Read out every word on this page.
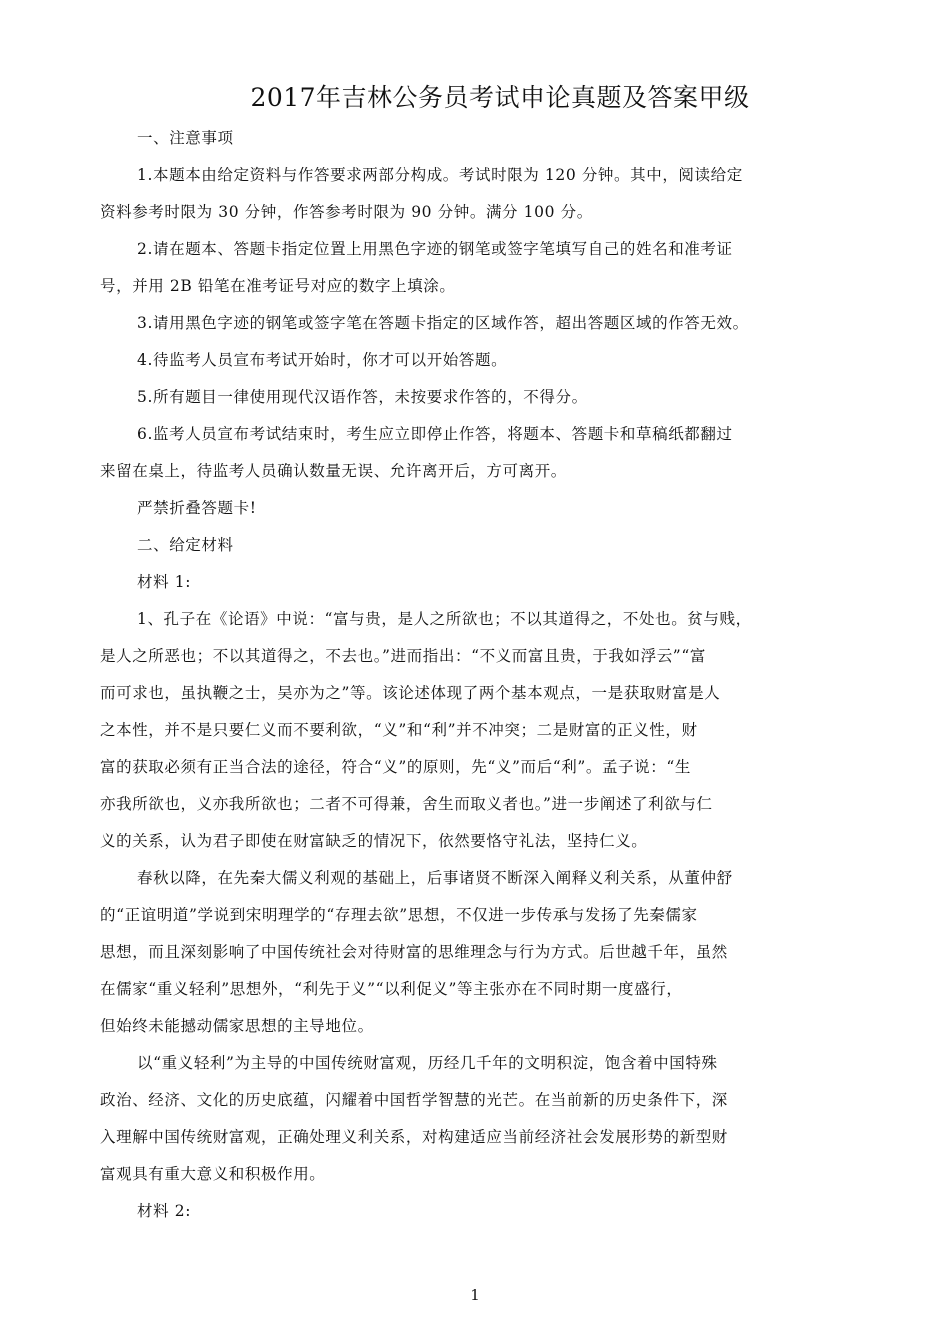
2017年吉林公务员考试申论真题及答案甲级
一、注意事项
1.本题本由给定资料与作答要求两部分构成。考试时限为 120 分钟。其中，阅读给定
资料参考时限为 30 分钟，作答参考时限为 90 分钟。满分 100 分。
2.请在题本、答题卡指定位置上用黑色字迹的钢笔或签字笔填写自己的姓名和准考证
号，并用 2B 铅笔在准考证号对应的数字上填涂。
3.请用黑色字迹的钢笔或签字笔在答题卡指定的区域作答，超出答题区域的作答无效。
4.待监考人员宣布考试开始时，你才可以开始答题。
5.所有题目一律使用现代汉语作答，未按要求作答的，不得分。
6.监考人员宣布考试结束时，考生应立即停止作答，将题本、答题卡和草稿纸都翻过
来留在桌上，待监考人员确认数量无误、允许离开后，方可离开。
严禁折叠答题卡!
二、给定材料
材料 1:
1、孔子在《论语》中说：“富与贵，是人之所欲也；不以其道得之，不处也。贫与贱，
是人之所恶也；不以其道得之，不去也。”进而指出：“不义而富且贵，于我如浮云”“富
而可求也，虽执鞭之士，吴亦为之”等。该论述体现了两个基本观点，一是获取财富是人
之本性，并不是只要仁义而不要利欲，“义”和“利”并不冲突；二是财富的正义性，财
富的获取必须有正当合法的途径，符合“义”的原则，先“义”而后“利”。孟子说：“生
亦我所欲也，义亦我所欲也；二者不可得兼，舍生而取义者也。”进一步阐述了利欲与仁
义的关系，认为君子即使在财富缺乏的情况下，依然要恪守礼法，坚持仁义。
春秋以降，在先秦大儒义利观的基础上，后事诸贤不断深入阐释义利关系，从董仲舒
的“正谊明道”学说到宋明理学的“存理去欲”思想，不仅进一步传承与发扬了先秦儒家
思想，而且深刻影响了中国传统社会对待财富的思维理念与行为方式。后世越千年，虽然
在儒家“重义轻利”思想外，“利先于义”“以利促义”等主张亦在不同时期一度盛行，
但始终未能撼动儒家思想的主导地位。
以“重义轻利”为主导的中国传统财富观，历经几千年的文明积淀，饱含着中国特殊
政治、经济、文化的历史底蕴，闪耀着中国哲学智慧的光芒。在当前新的历史条件下，深
入理解中国传统财富观，正确处理义利关系，对构建适应当前经济社会发展形势的新型财
富观具有重大意义和积极作用。
材料 2:
1
